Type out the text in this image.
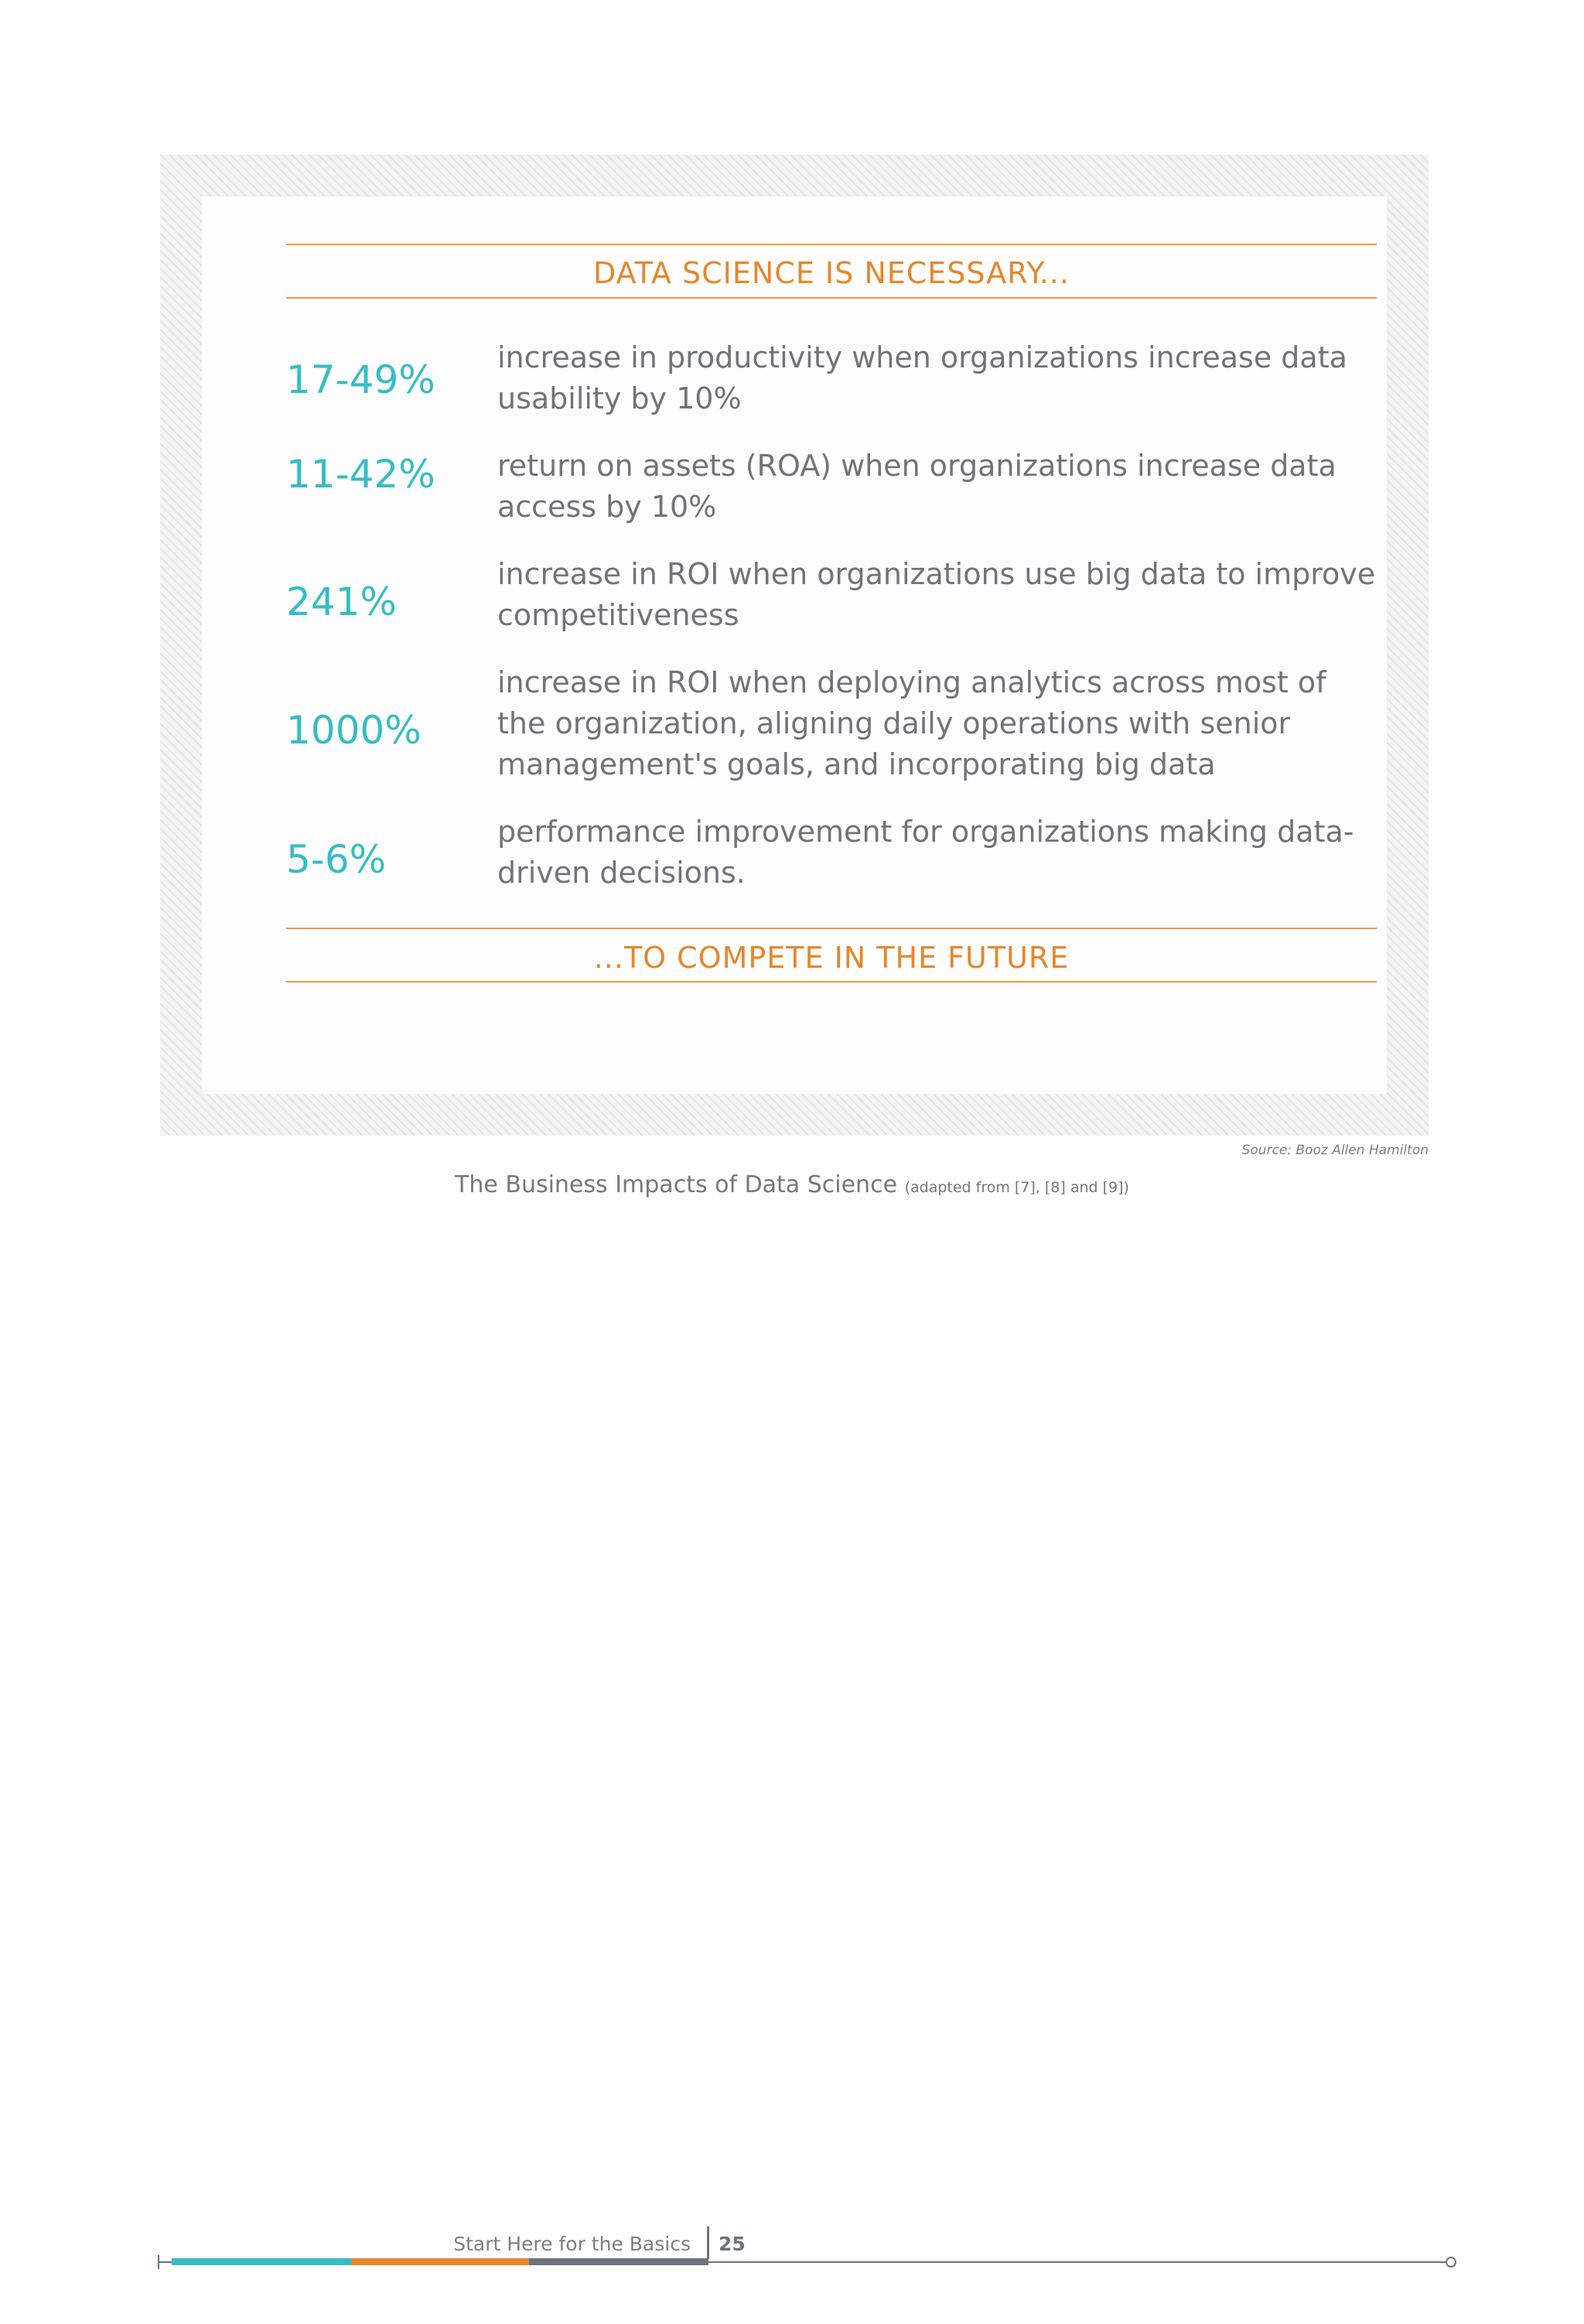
DATA SCIENCE IS NECESSARY...
17-49% increase in productivity when organizations increase data usability by 10%
11-42% return on assets (ROA) when organizations increase data access by 10%
241%
increase in ROI when organizations use big data to improve competitiveness
1000%
increase in ROI when deploying analytics across most of the organization, aligning daily operations with senior management's goals, and incorporating big data
5-6%
performance improvement for organizations making data-driven decisions.
...TO COMPETE IN THE FUTURE
Source: Booz Allen Hamilton
The Business Impacts of Data Science (adapted from [7], [8] and [9])
Start Here for the Basics 25
